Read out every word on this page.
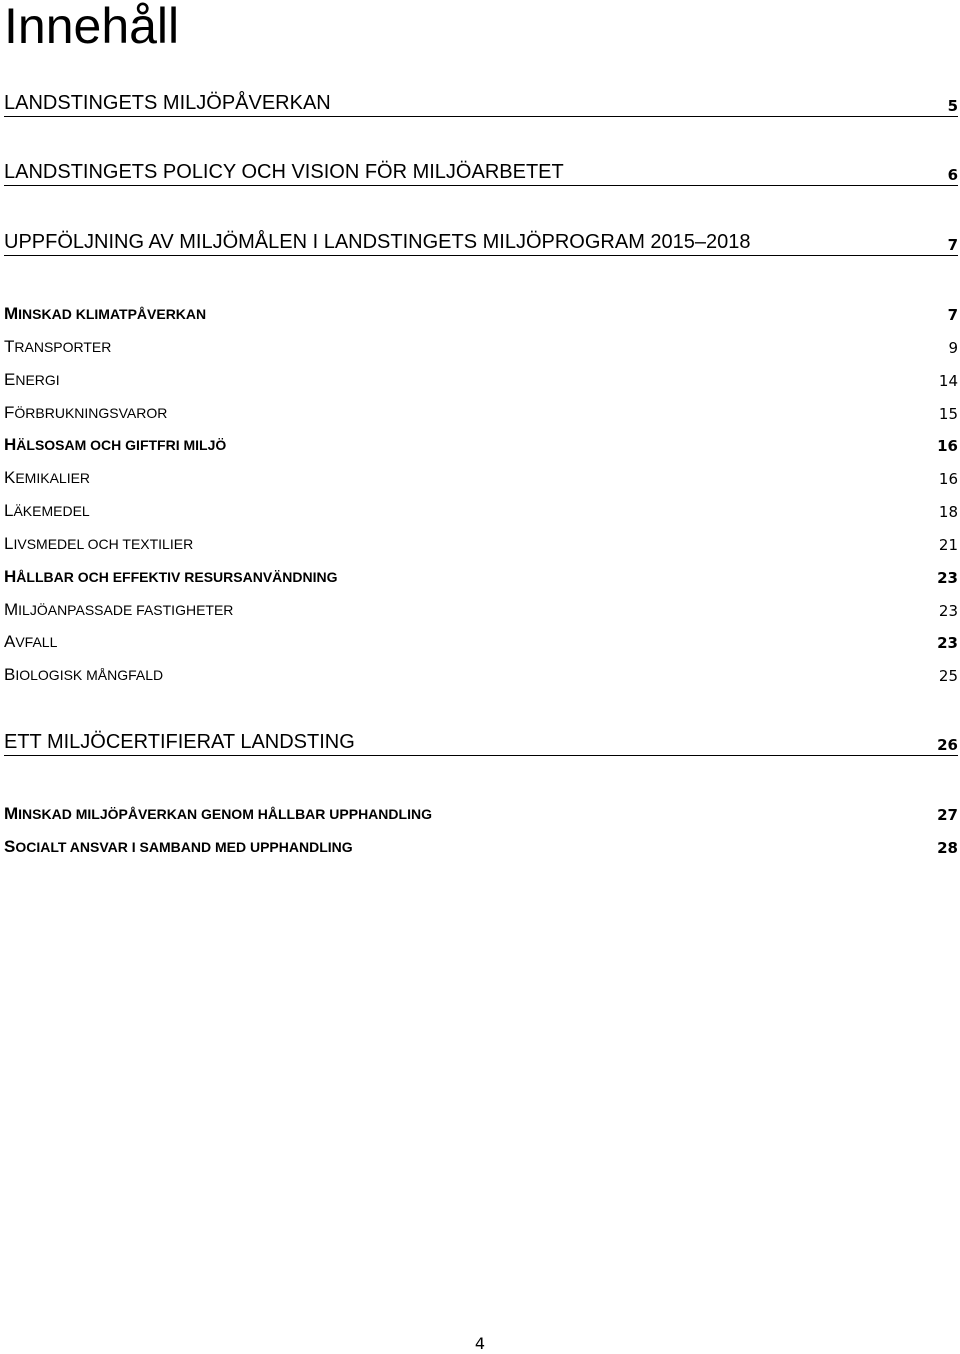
Innehåll
LANDSTINGETS MILJÖPÅVERKAN	5
LANDSTINGETS POLICY OCH VISION FÖR MILJÖARBETET	6
UPPFÖLJNING AV MILJÖMÅLEN I LANDSTINGETS MILJÖPROGRAM 2015–2018	7
MINSKAD KLIMATPÅVERKAN	7
TRANSPORTER	9
ENERGI	14
FÖRBRUKNINGSVAROR	15
HÄLSOSAM OCH GIFTFRI MILJÖ	16
KEMIKALIER	16
LÄKEMEDEL	18
LIVSMEDEL OCH TEXTILIER	21
HÅLLBAR OCH EFFEKTIV RESURSANVÄNDNING	23
MILJÖANPASSADE FASTIGHETER	23
AVFALL	23
BIOLOGISK MÅNGFALD	25
ETT MILJÖCERTIFIERAT LANDSTING	26
MINSKAD MILJÖPÅVERKAN GENOM HÅLLBAR UPPHANDLING	27
SOCIALT ANSVAR I SAMBAND MED UPPHANDLING	28
4
